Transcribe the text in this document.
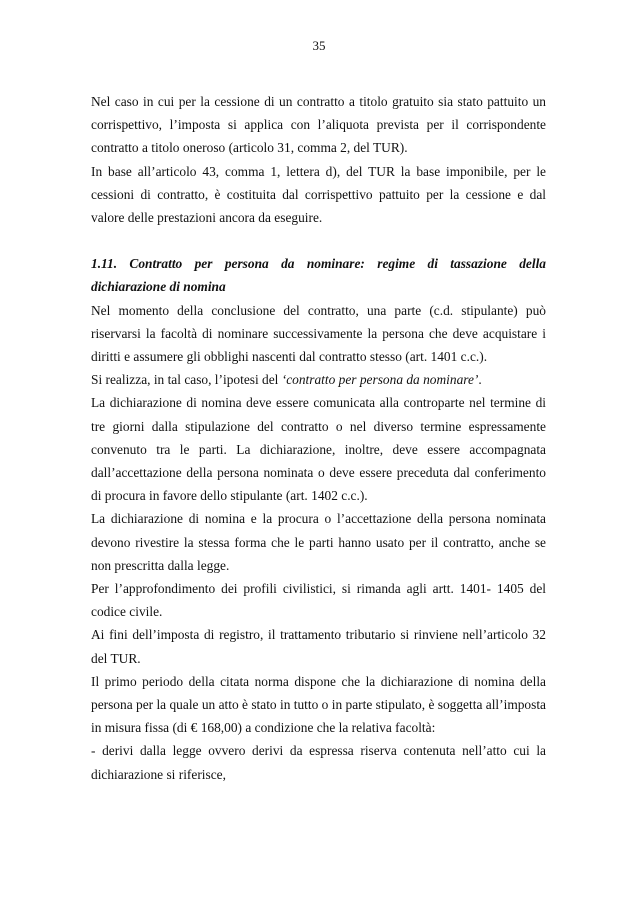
35

Nel caso in cui per la cessione di un contratto a titolo gratuito sia stato pattuito un corrispettivo, l’imposta si applica con l’aliquota prevista per il corrispondente contratto a titolo oneroso (articolo 31, comma 2, del TUR).

In base all’articolo 43, comma 1, lettera d), del TUR la base imponibile, per le cessioni di contratto, è costituita dal corrispettivo pattuito per la cessione e dal valore delle prestazioni ancora da eseguire.

1.11. Contratto per persona da nominare: regime di tassazione della
dichiarazione di nomina

Nel momento della conclusione del contratto, una parte (c.d. stipulante) può riservarsi la facoltà di nominare successivamente la persona che deve acquistare i diritti e assumere gli obblighi nascenti dal contratto stesso (art. 1401 c.c.).

Si realizza, in tal caso, l’ipotesi del ‘contratto per persona da nominare’.

La dichiarazione di nomina deve essere comunicata alla controparte nel termine di tre giorni dalla stipulazione del contratto o nel diverso termine espressamente convenuto tra le parti. La dichiarazione, inoltre, deve essere accompagnata dall’accettazione della persona nominata o deve essere preceduta dal conferimento di procura in favore dello stipulante (art. 1402 c.c.).

La dichiarazione di nomina e la procura o l’accettazione della persona nominata devono rivestire la stessa forma che le parti hanno usato per il contratto, anche se non prescritta dalla legge.

Per l’approfondimento dei profili civilistici, si rimanda agli artt. 1401- 1405 del codice civile.

Ai fini dell’imposta di registro, il trattamento tributario si rinviene nell’articolo 32 del TUR.

Il primo periodo della citata norma dispone che la dichiarazione di nomina della persona per la quale un atto è stato in tutto o in parte stipulato, è soggetta all’imposta in misura fissa (di € 168,00) a condizione che la relativa facoltà:

- derivi dalla legge ovvero derivi da espressa riserva contenuta nell’atto cui la dichiarazione si riferisce,
